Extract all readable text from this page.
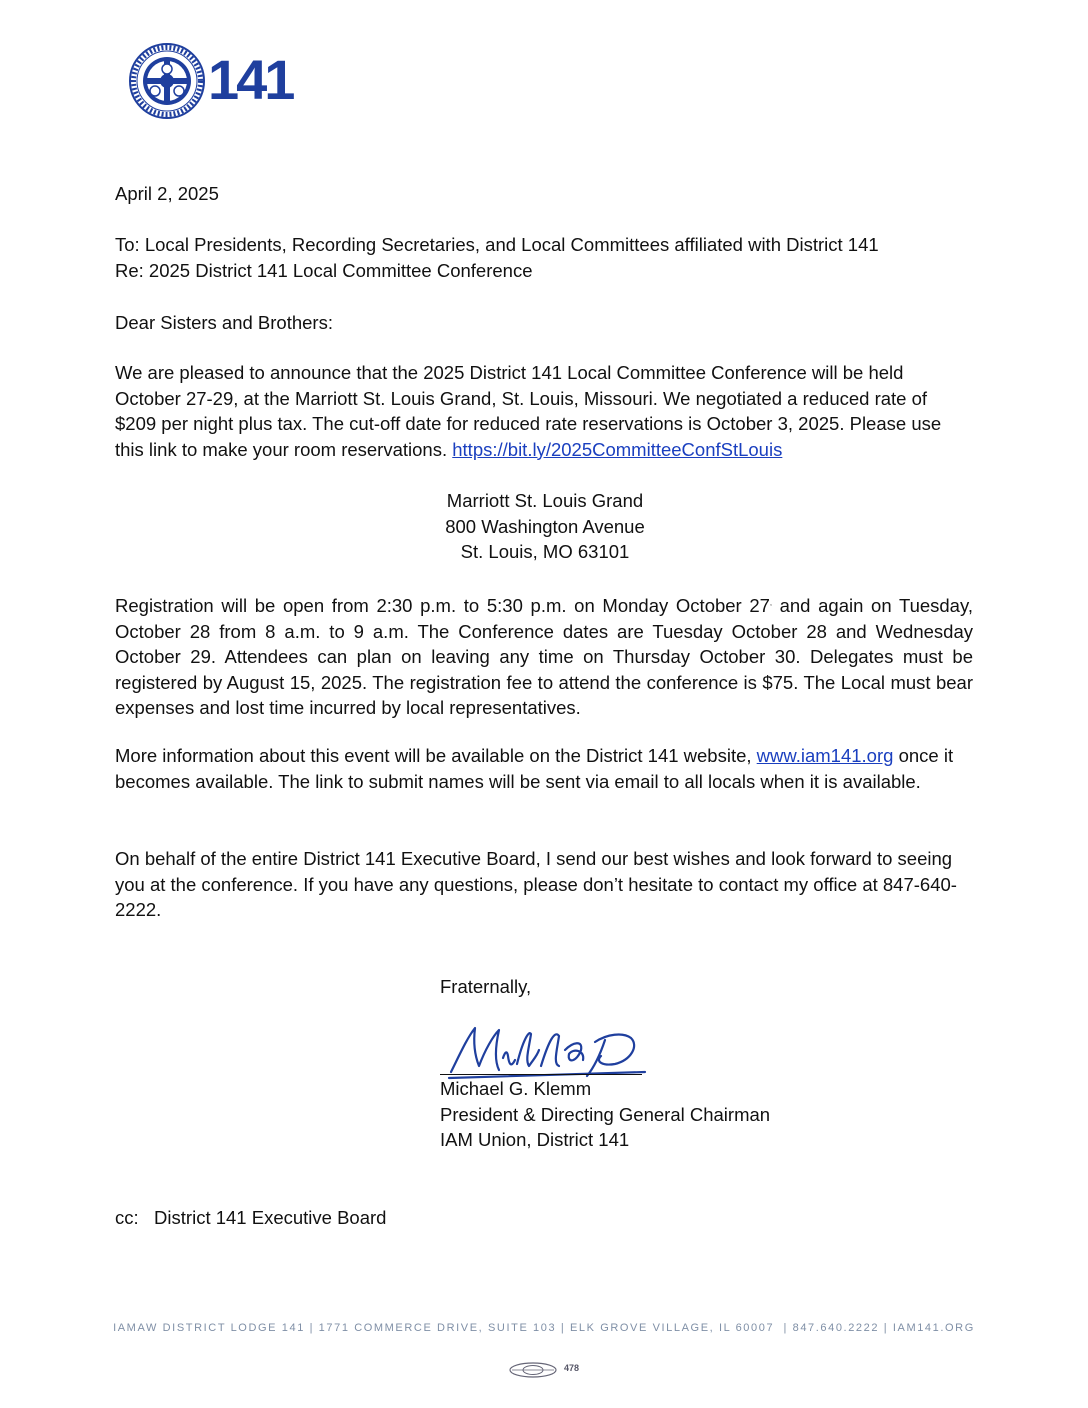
141
April 2, 2025
To: Local Presidents, Recording Secretaries, and Local Committees affiliated with District 141
Re: 2025 District 141 Local Committee Conference
Dear Sisters and Brothers:
We are pleased to announce that the 2025 District 141 Local Committee Conference will be held October 27-29, at the Marriott St. Louis Grand, St. Louis, Missouri. We negotiated a reduced rate of $209 per night plus tax. The cut-off date for reduced rate reservations is October 3, 2025. Please use this link to make your room reservations. https://bit.ly/2025CommitteeConfStLouis
Marriott St. Louis Grand
800 Washington Avenue
St. Louis, MO 63101
Registration will be open from 2:30 p.m. to 5:30 p.m. on Monday October 27, and again on Tuesday, October 28 from 8 a.m. to 9 a.m. The Conference dates are Tuesday October 28 and Wednesday October 29. Attendees can plan on leaving any time on Thursday October 30. Delegates must be registered by August 15, 2025. The registration fee to attend the conference is $75. The Local must bear expenses and lost time incurred by local representatives.
More information about this event will be available on the District 141 website, www.iam141.org once it becomes available. The link to submit names will be sent via email to all locals when it is available.
On behalf of the entire District 141 Executive Board, I send our best wishes and look forward to seeing you at the conference. If you have any questions, please don’t hesitate to contact my office at 847-640-2222.
Fraternally,
Michael G. Klemm
President & Directing General Chairman
IAM Union, District 141
cc:   District 141 Executive Board
IAMAW DISTRICT LODGE 141 | 1771 COMMERCE DRIVE, SUITE 103 | ELK GROVE VILLAGE, IL 60007  | 847.640.2222 | IAM141.ORG
478
